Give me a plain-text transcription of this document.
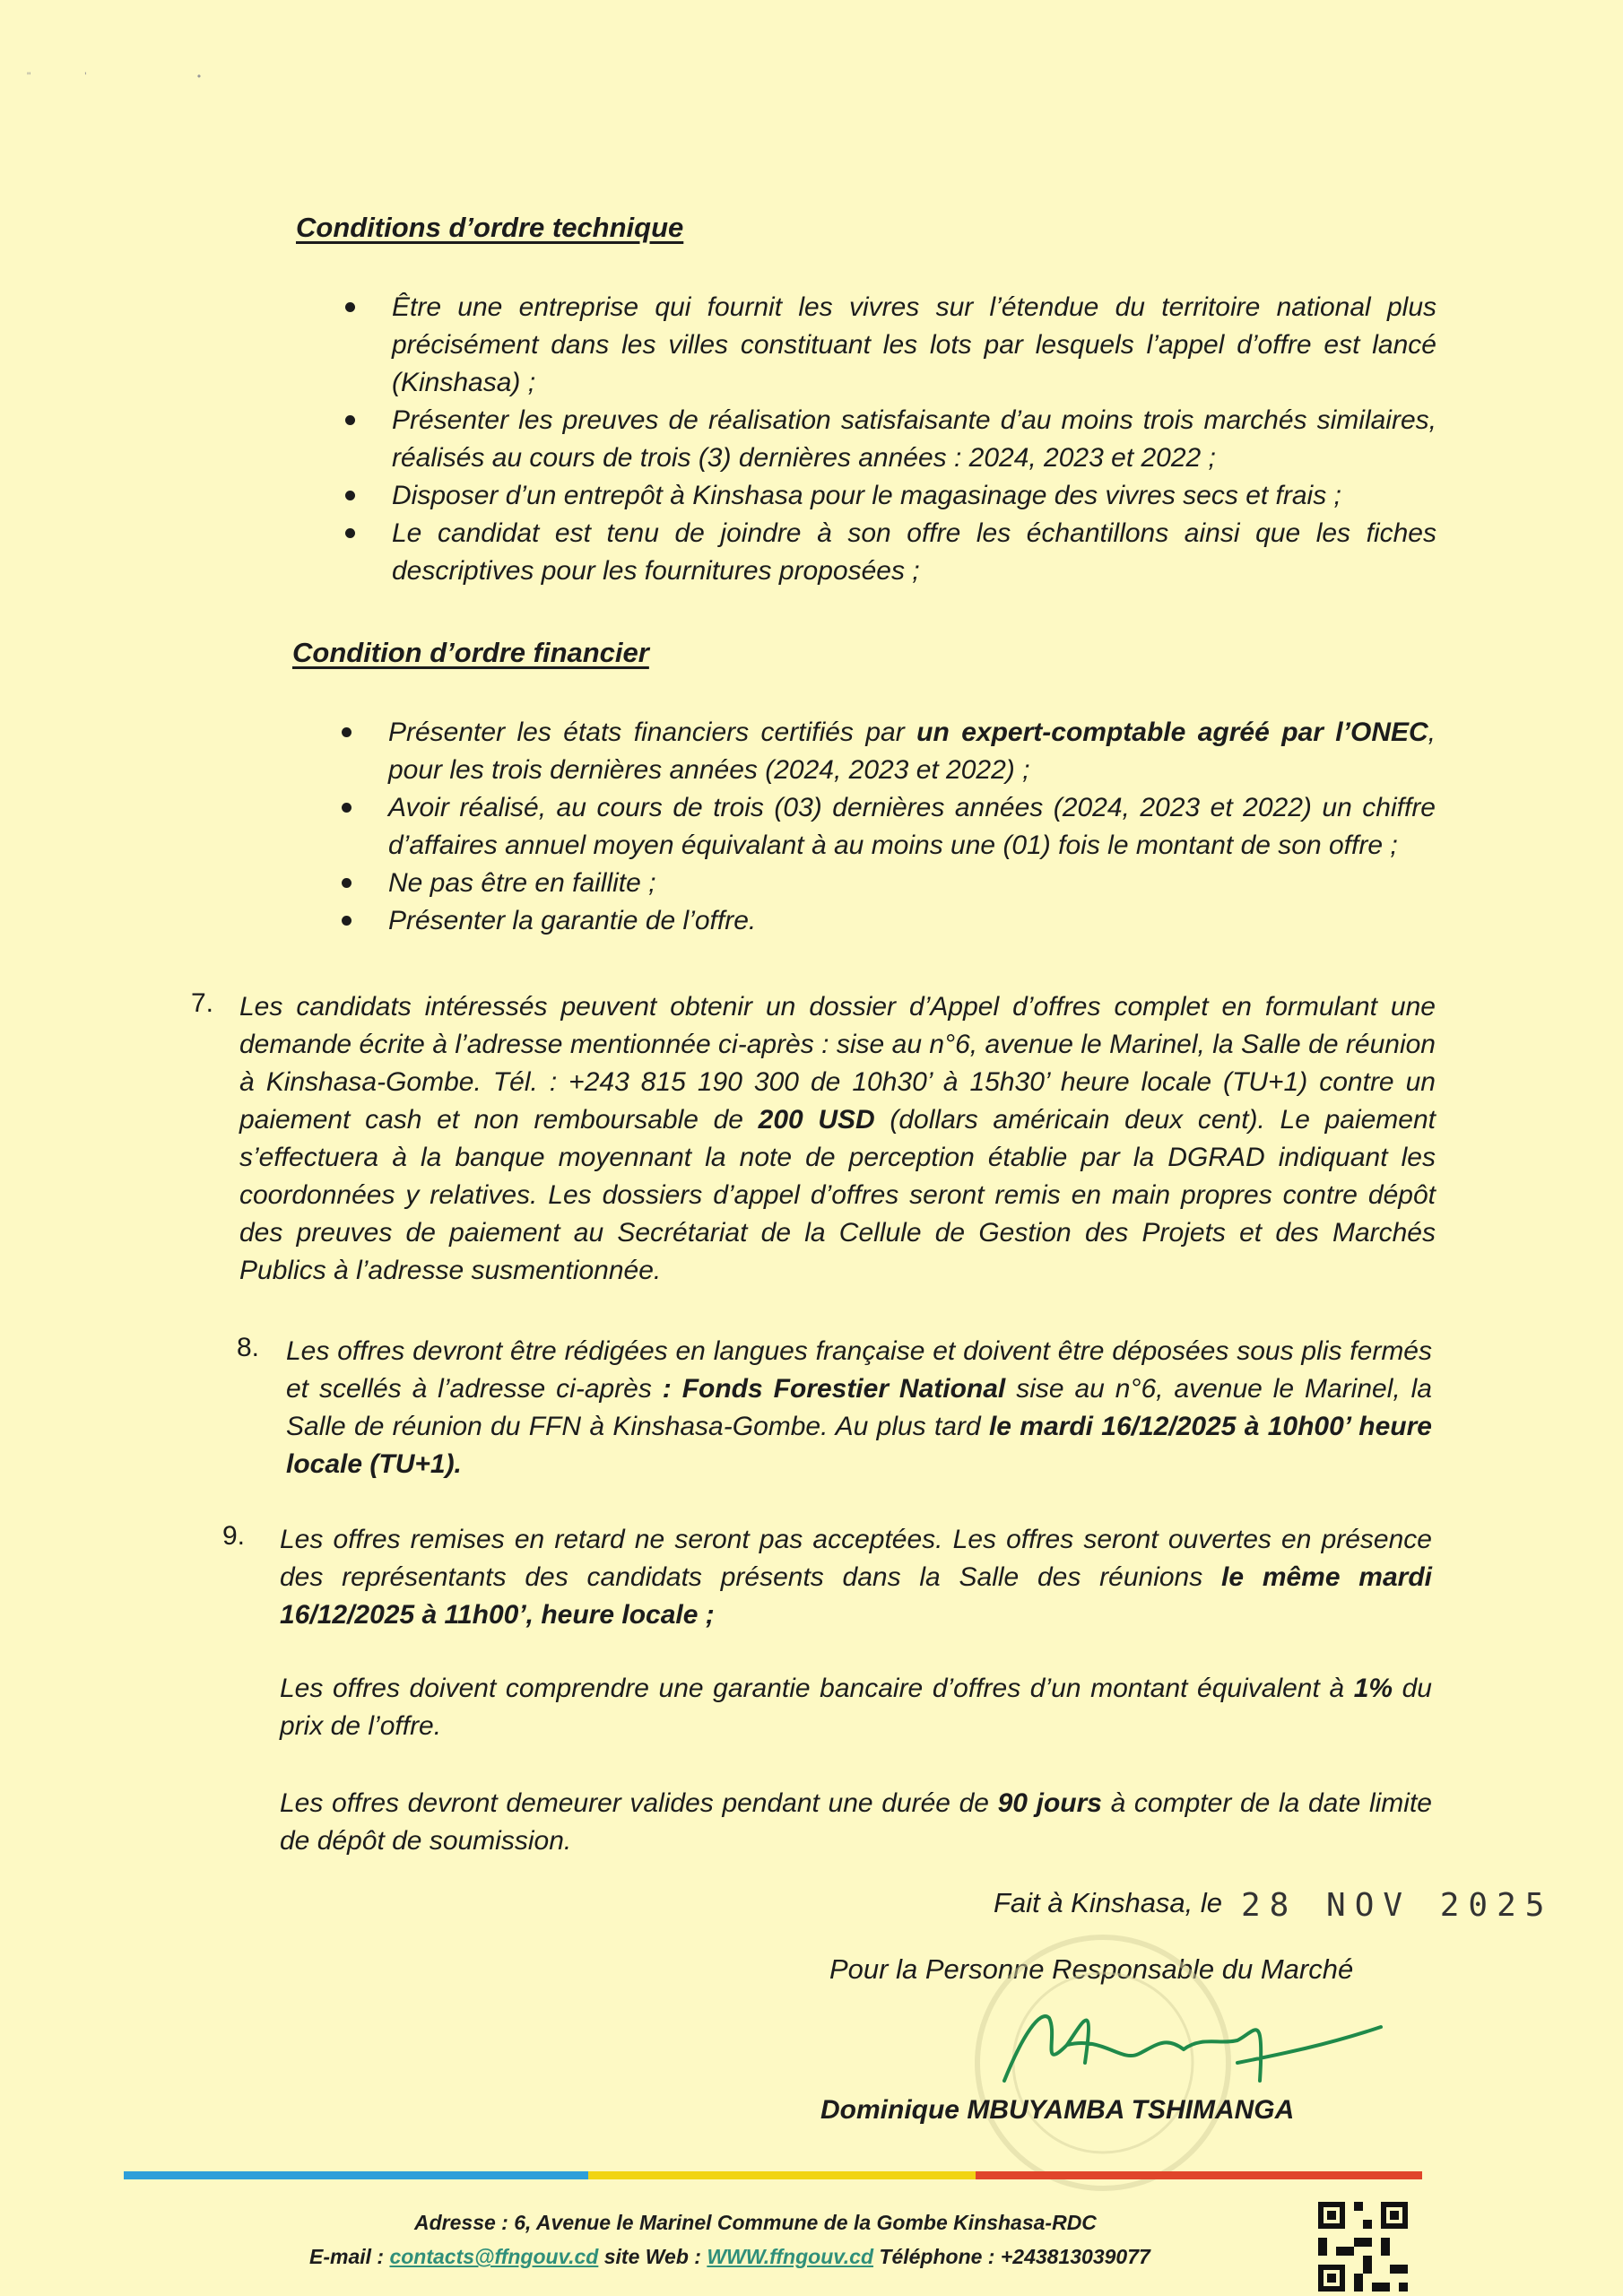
"' •
Conditions d’ordre technique
Être une entreprise qui fournit les vivres sur l’étendue du territoire national plus précisément dans les villes constituant les lots par lesquels l’appel d’offre est lancé (Kinshasa) ;
Présenter les preuves de réalisation satisfaisante d’au moins trois marchés similaires, réalisés au cours de trois (3) dernières années : 2024, 2023 et 2022 ;
Disposer d’un entrepôt à Kinshasa pour le magasinage des vivres secs et frais ;
Le candidat est tenu de joindre à son offre les échantillons ainsi que les fiches descriptives pour les fournitures proposées ;
Condition d’ordre financier
Présenter les états financiers certifiés par un expert-comptable agréé par l’ONEC, pour les trois dernières années (2024, 2023 et 2022) ;
Avoir réalisé, au cours de trois (03) dernières années (2024, 2023 et 2022) un chiffre d’affaires annuel moyen équivalant à au moins une (01) fois le montant de son offre ;
Ne pas être en faillite ;
Présenter la garantie de l’offre.
7. Les candidats intéressés peuvent obtenir un dossier d’Appel d’offres complet en formulant une demande écrite à l’adresse mentionnée ci-après : sise au n°6, avenue le Marinel, la Salle de réunion à Kinshasa-Gombe. Tél. : +243 815 190 300 de 10h30’ à 15h30’ heure locale (TU+1) contre un paiement cash et non remboursable de 200 USD (dollars américain deux cent). Le paiement s’effectuera à la banque moyennant la note de perception établie par la DGRAD indiquant les coordonnées y relatives. Les dossiers d’appel d’offres seront remis en main propres contre dépôt des preuves de paiement au Secrétariat de la Cellule de Gestion des Projets et des Marchés Publics à l’adresse susmentionnée.
8. Les offres devront être rédigées en langues française et doivent être déposées sous plis fermés et scellés à l’adresse ci-après : Fonds Forestier National sise au n°6, avenue le Marinel, la Salle de réunion du FFN à Kinshasa-Gombe. Au plus tard le mardi 16/12/2025 à 10h00’ heure locale (TU+1).
9. Les offres remises en retard ne seront pas acceptées. Les offres seront ouvertes en présence des représentants des candidats présents dans la Salle des réunions le même mardi 16/12/2025 à 11h00’, heure locale ;
Les offres doivent comprendre une garantie bancaire d’offres d’un montant équivalent à 1% du prix de l’offre.
Les offres devront demeurer valides pendant une durée de 90 jours à compter de la date limite de dépôt de soumission.
Fait à Kinshasa, le 28 NOV 2025
Pour la Personne Responsable du Marché
Dominique MBUYAMBA TSHIMANGA
Adresse : 6, Avenue le Marinel Commune de la Gombe Kinshasa-RDC
E-mail : contacts@ffngouv.cd site Web : WWW.ffngouv.cd Téléphone : +243813039077
